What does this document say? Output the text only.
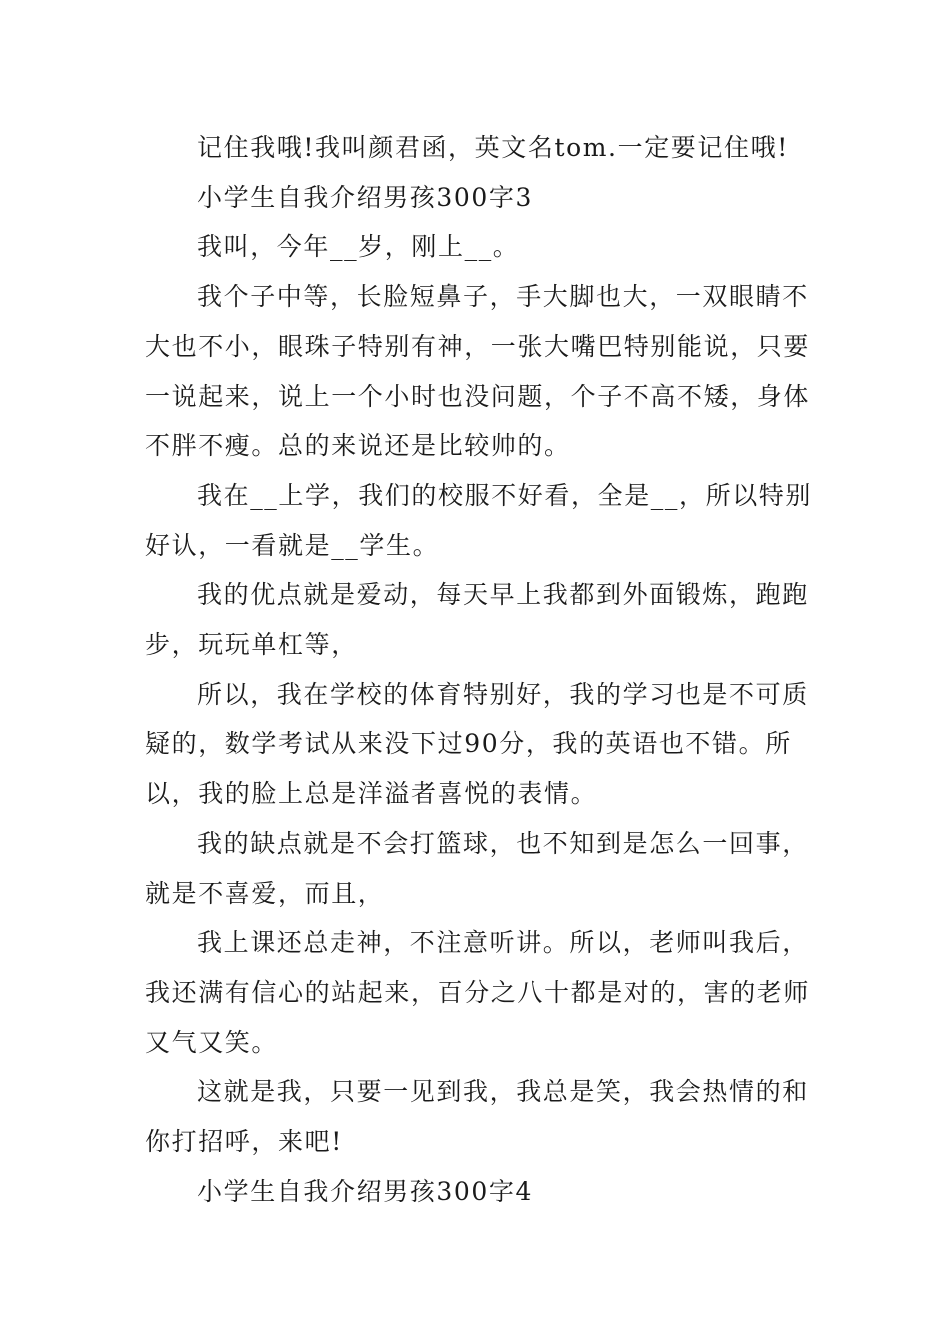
记住我哦!我叫颜君函，英文名tom.一定要记住哦!

小学生自我介绍男孩300字3

我叫，今年__岁，刚上__。

我个子中等，长脸短鼻子，手大脚也大，一双眼睛不大也不小，眼珠子特别有神，一张大嘴巴特别能说，只要一说起来，说上一个小时也没问题，个子不高不矮，身体不胖不瘦。总的来说还是比较帅的。

我在__上学，我们的校服不好看，全是__，所以特别好认，一看就是__学生。

我的优点就是爱动，每天早上我都到外面锻炼，跑跑步，玩玩单杠等，

所以，我在学校的体育特别好，我的学习也是不可质疑的，数学考试从来没下过90分，我的英语也不错。所以，我的脸上总是洋溢者喜悦的表情。

我的缺点就是不会打篮球，也不知到是怎么一回事，就是不喜爱，而且，

我上课还总走神，不注意听讲。所以，老师叫我后，我还满有信心的站起来，百分之八十都是对的，害的老师又气又笑。

这就是我，只要一见到我，我总是笑，我会热情的和你打招呼，来吧!

小学生自我介绍男孩300字4
